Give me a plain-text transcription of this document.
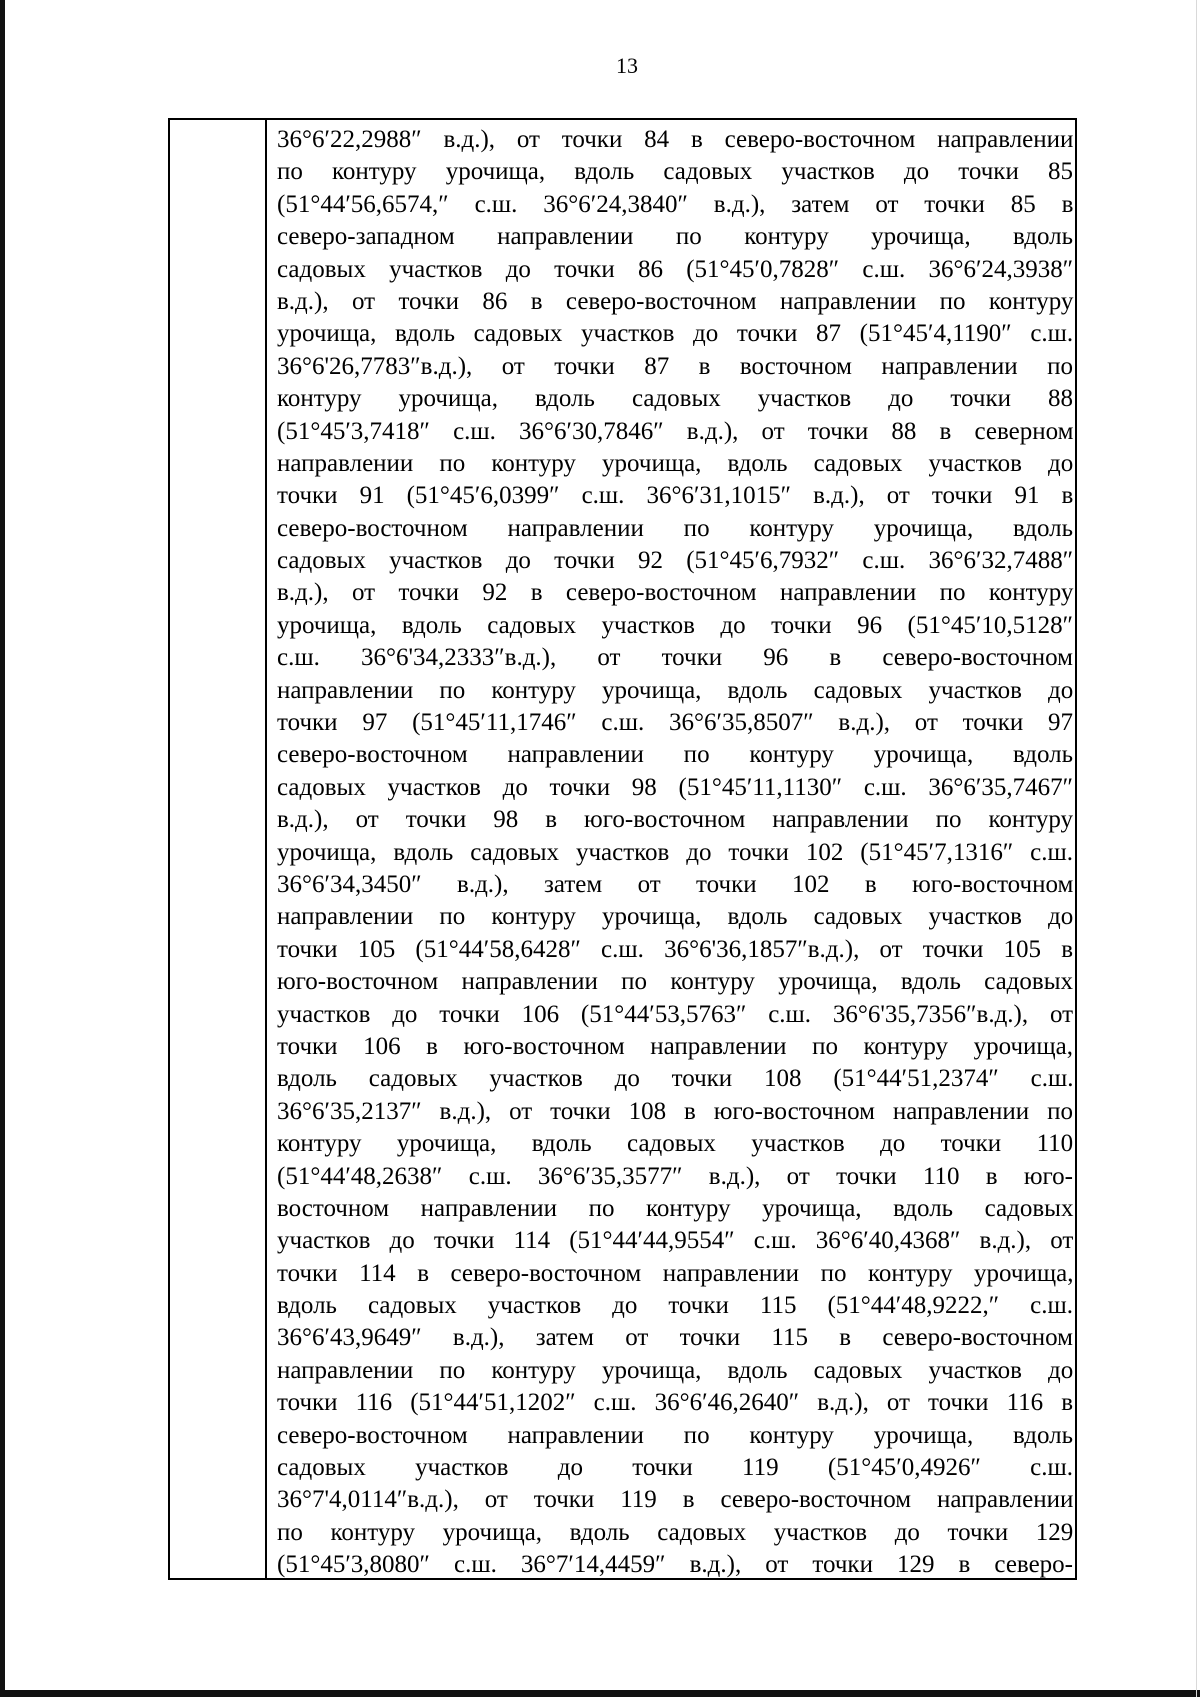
13
36°6′22,2988″ в.д.), от точки 84 в северо-восточном направлении
по контуру урочища, вдоль садовых участков до точки 85
(51°44′56,6574,″ с.ш. 36°6′24,3840″ в.д.), затем от точки 85 в
северо-западном направлении по контуру урочища, вдоль
садовых участков до точки 86 (51°45′0,7828″ с.ш. 36°6′24,3938″
в.д.), от точки 86 в северо-восточном направлении по контуру
урочища, вдоль садовых участков до точки 87 (51°45′4,1190″ с.ш.
36°6'26,7783″в.д.), от точки 87 в восточном направлении по
контуру урочища, вдоль садовых участков до точки 88
(51°45′3,7418″ с.ш. 36°6′30,7846″ в.д.), от точки 88 в северном
направлении по контуру урочища, вдоль садовых участков до
точки 91 (51°45′6,0399″ с.ш. 36°6′31,1015″ в.д.), от точки 91 в
северо-восточном направлении по контуру урочища, вдоль
садовых участков до точки 92 (51°45′6,7932″ с.ш. 36°6′32,7488″
в.д.), от точки 92 в северо-восточном направлении по контуру
урочища, вдоль садовых участков до точки 96 (51°45′10,5128″
с.ш. 36°6'34,2333″в.д.), от точки 96 в северо-восточном
направлении по контуру урочища, вдоль садовых участков до
точки 97 (51°45′11,1746″ с.ш. 36°6′35,8507″ в.д.), от точки 97
северо-восточном направлении по контуру урочища, вдоль
садовых участков до точки 98 (51°45′11,1130″ с.ш. 36°6′35,7467″
в.д.), от точки 98 в юго-восточном направлении по контуру
урочища, вдоль садовых участков до точки 102 (51°45′7,1316″ с.ш.
36°6′34,3450″ в.д.), затем от точки 102 в юго-восточном
направлении по контуру урочища, вдоль садовых участков до
точки 105 (51°44′58,6428″ с.ш. 36°6'36,1857″в.д.), от точки 105 в
юго-восточном направлении по контуру урочища, вдоль садовых
участков до точки 106 (51°44′53,5763″ с.ш. 36°6'35,7356″в.д.), от
точки 106 в юго-восточном направлении по контуру урочища,
вдоль садовых участков до точки 108 (51°44′51,2374″ с.ш.
36°6′35,2137″ в.д.), от точки 108 в юго-восточном направлении по
контуру урочища, вдоль садовых участков до точки 110
(51°44′48,2638″ с.ш. 36°6′35,3577″ в.д.), от точки 110 в юго-
восточном направлении по контуру урочища, вдоль садовых
участков до точки 114 (51°44′44,9554″ с.ш. 36°6′40,4368″ в.д.), от
точки 114 в северо-восточном направлении по контуру урочища,
вдоль садовых участков до точки 115 (51°44′48,9222,″ с.ш.
36°6′43,9649″ в.д.), затем от точки 115 в северо-восточном
направлении по контуру урочища, вдоль садовых участков до
точки 116 (51°44′51,1202″ с.ш. 36°6′46,2640″ в.д.), от точки 116 в
северо-восточном направлении по контуру урочища, вдоль
садовых участков до точки 119 (51°45′0,4926″ с.ш.
36°7'4,0114″в.д.), от точки 119 в северо-восточном направлении
по контуру урочища, вдоль садовых участков до точки 129
(51°45′3,8080″ с.ш. 36°7′14,4459″ в.д.), от точки 129 в северо-
